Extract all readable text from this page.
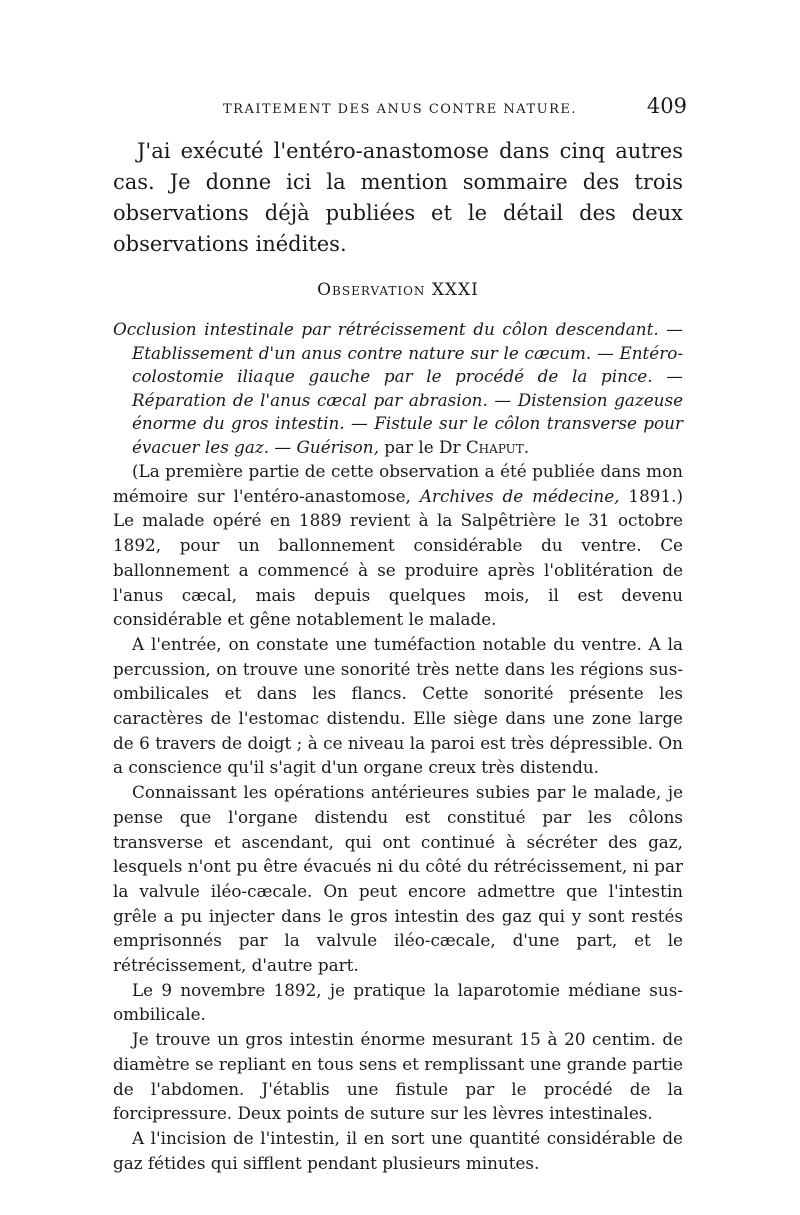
TRAITEMENT DES ANUS CONTRE NATURE.	409
J'ai exécuté l'entéro-anastomose dans cinq autres cas. Je donne ici la mention sommaire des trois observations déjà publiées et le détail des deux observations inédites.
Observation XXXI
Occlusion intestinale par rétrécissement du côlon descendant. — Etablissement d'un anus contre nature sur le cæcum. — Entéro-colostomie iliaque gauche par le procédé de la pince. — Réparation de l'anus cæcal par abrasion. — Distension gazeuse énorme du gros intestin. — Fistule sur le côlon transverse pour évacuer les gaz. — Guérison, par le Dr Chaput.

(La première partie de cette observation a été publiée dans mon mémoire sur l'entéro-anastomose, Archives de médecine, 1891.) Le malade opéré en 1889 revient à la Salpêtrière le 31 octobre 1892, pour un ballonnement considérable du ventre. Ce ballonnement a commencé à se produire après l'oblitération de l'anus cæcal, mais depuis quelques mois, il est devenu considérable et gêne notablement le malade.

A l'entrée, on constate une tuméfaction notable du ventre. A la percussion, on trouve une sonorité très nette dans les régions sus-ombilicales et dans les flancs. Cette sonorité présente les caractères de l'estomac distendu. Elle siège dans une zone large de 6 travers de doigt ; à ce niveau la paroi est très dépressible. On a conscience qu'il s'agit d'un organe creux très distendu.

Connaissant les opérations antérieures subies par le malade, je pense que l'organe distendu est constitué par les côlons transverse et ascendant, qui ont continué à sécréter des gaz, lesquels n'ont pu être évacués ni du côté du rétrécissement, ni par la valvule iléo-cæcale. On peut encore admettre que l'intestin grêle a pu injecter dans le gros intestin des gaz qui y sont restés emprisonnés par la valvule iléo-cæcale, d'une part, et le rétrécissement, d'autre part.

Le 9 novembre 1892, je pratique la laparotomie médiane sus-ombilicale.

Je trouve un gros intestin énorme mesurant 15 à 20 centim. de diamètre se repliant en tous sens et remplissant une grande partie de l'abdomen. J'établis une fistule par le procédé de la forcipressure. Deux points de suture sur les lèvres intestinales.

A l'incision de l'intestin, il en sort une quantité considérable de gaz fétides qui sifflent pendant plusieurs minutes.
